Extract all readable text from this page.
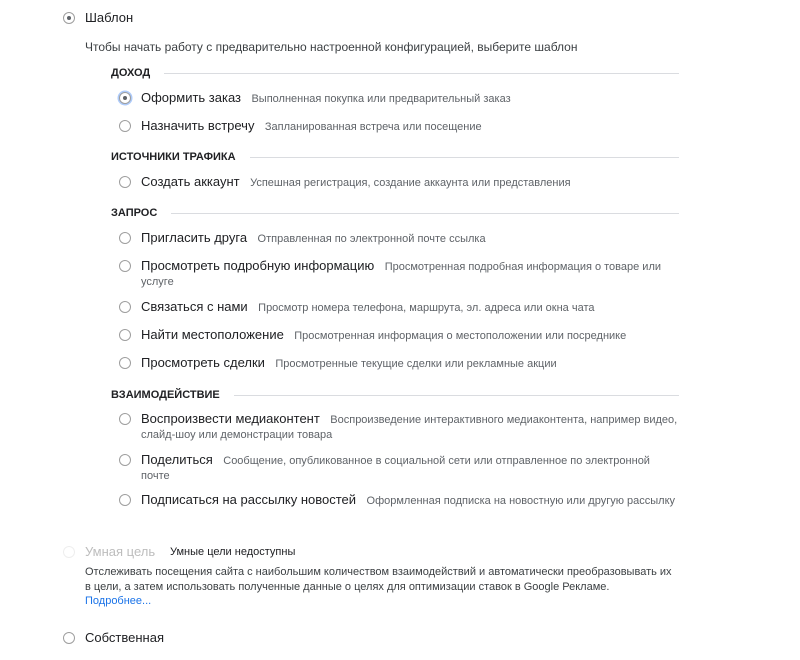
Шаблон
Чтобы начать работу с предварительно настроенной конфигурацией, выберите шаблон
ДОХОД
Оформить заказ Выполненная покупка или предварительный заказ
Назначить встречу Запланированная встреча или посещение
ИСТОЧНИКИ ТРАФИКА
Создать аккаунт Успешная регистрация, создание аккаунта или представления
ЗАПРОС
Пригласить друга Отправленная по электронной почте ссылка
Просмотреть подробную информацию Просмотренная подробная информация о товаре или услуге
Связаться с нами Просмотр номера телефона, маршрута, эл. адреса или окна чата
Найти местоположение Просмотренная информация о местоположении или посреднике
Просмотреть сделки Просмотренные текущие сделки или рекламные акции
ВЗАИМОДЕЙСТВИЕ
Воспроизвести медиаконтент Воспроизведение интерактивного медиаконтента, например видео, слайд-шоу или демонстрации товара
Поделиться Сообщение, опубликованное в социальной сети или отправленное по электронной почте
Подписаться на рассылку новостей Оформленная подписка на новостную или другую рассылку
Умная цель Умные цели недоступны
Отслеживать посещения сайта с наибольшим количеством взаимодействий и автоматически преобразовывать их в цели, а затем использовать полученные данные о целях для оптимизации ставок в Google Рекламе.
Подробнее...
Собственная
